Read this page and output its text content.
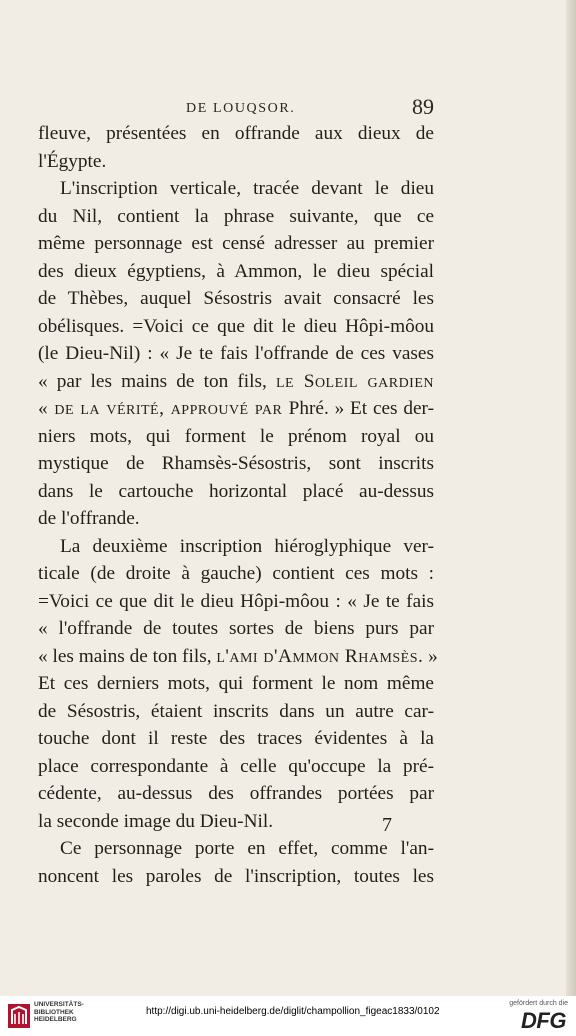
DE LOUQSOR.	89
fleuve, présentées en offrande aux dieux de
l'Égypte.
L'inscription verticale, tracée devant le dieu
du Nil, contient la phrase suivante, que ce
même personnage est censé adresser au premier
des dieux égyptiens, à Ammon, le dieu spécial
de Thèbes, auquel Sésostris avait consacré les
obélisques. =Voici ce que dit le dieu Hôpi-môou
(le Dieu-Nil) : « Je te fais l'offrande de ces vases
« par les mains de ton fils, le Soleil gardien
« de la vérité, approuvé par Phré. » Et ces der-
niers mots, qui forment le prénom royal ou
mystique de Rhamsès-Sésostris, sont inscrits
dans le cartouche horizontal placé au-dessus
de l'offrande.
La deuxième inscription hiéroglyphique ver-
ticale (de droite à gauche) contient ces mots :
=Voici ce que dit le dieu Hôpi-môou : « Je te fais
« l'offrande de toutes sortes de biens purs par
« les mains de ton fils, l'ami d'Ammon Rhamsès. »
Et ces derniers mots, qui forment le nom même
de Sésostris, étaient inscrits dans un autre car-
touche dont il reste des traces évidentes à la
place correspondante à celle qu'occupe la pré-
cédente, au-dessus des offrandes portées par
la seconde image du Dieu-Nil.
Ce personnage porte en effet, comme l'an-
noncent les paroles de l'inscription, toutes les
7
UNIVERSITÄTS-
BIBLIOTHEK
HEIDELBERG
http://digi.ub.uni-heidelberg.de/diglit/champollion_figeac1833/0102
gefördert durch die
DFG
